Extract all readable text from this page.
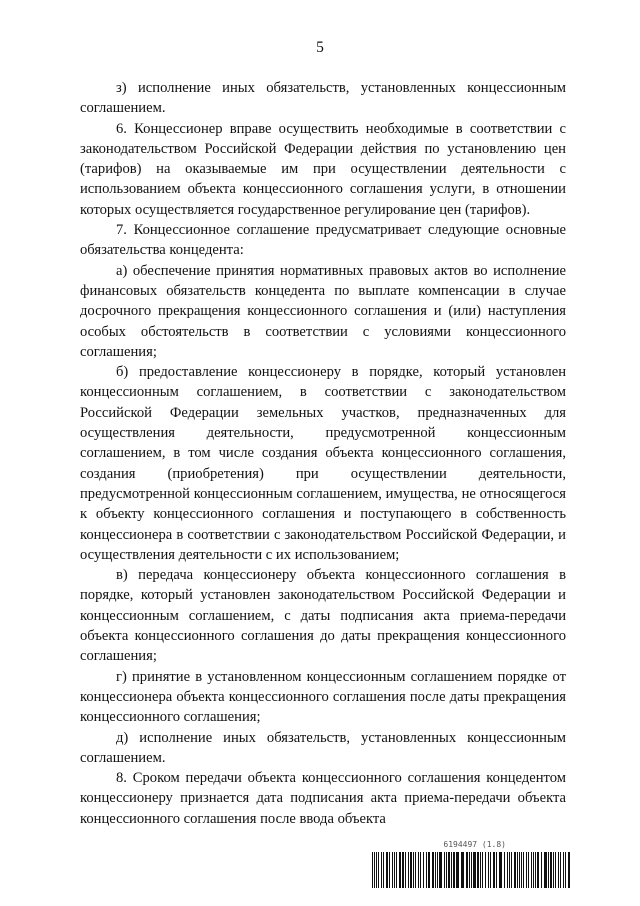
5

з) исполнение иных обязательств, установленных концессионным соглашением.

6. Концессионер вправе осуществить необходимые в соответствии с законодательством Российской Федерации действия по установлению цен (тарифов) на оказываемые им при осуществлении деятельности с использованием объекта концессионного соглашения услуги, в отношении которых осуществляется государственное регулирование цен (тарифов).

7. Концессионное соглашение предусматривает следующие основные обязательства концедента:

а) обеспечение принятия нормативных правовых актов во исполнение финансовых обязательств концедента по выплате компенсации в случае досрочного прекращения концессионного соглашения и (или) наступления особых обстоятельств в соответствии с условиями концессионного соглашения;

б) предоставление концессионеру в порядке, который установлен концессионным соглашением, в соответствии с законодательством Российской Федерации земельных участков, предназначенных для осуществления деятельности, предусмотренной концессионным соглашением, в том числе создания объекта концессионного соглашения, создания (приобретения) при осуществлении деятельности, предусмотренной концессионным соглашением, имущества, не относящегося к объекту концессионного соглашения и поступающего в собственность концессионера в соответствии с законодательством Российской Федерации, и осуществления деятельности с их использованием;

в) передача концессионеру объекта концессионного соглашения в порядке, который установлен законодательством Российской Федерации и концессионным соглашением, с даты подписания акта приема-передачи объекта концессионного соглашения до даты прекращения концессионного соглашения;

г) принятие в установленном концессионным соглашением порядке от концессионера объекта концессионного соглашения после даты прекращения концессионного соглашения;

д) исполнение иных обязательств, установленных концессионным соглашением.

8. Сроком передачи объекта концессионного соглашения концедентом концессионеру признается дата подписания акта приема-передачи объекта концессионного соглашения после ввода объекта

6194497 (1.8)
